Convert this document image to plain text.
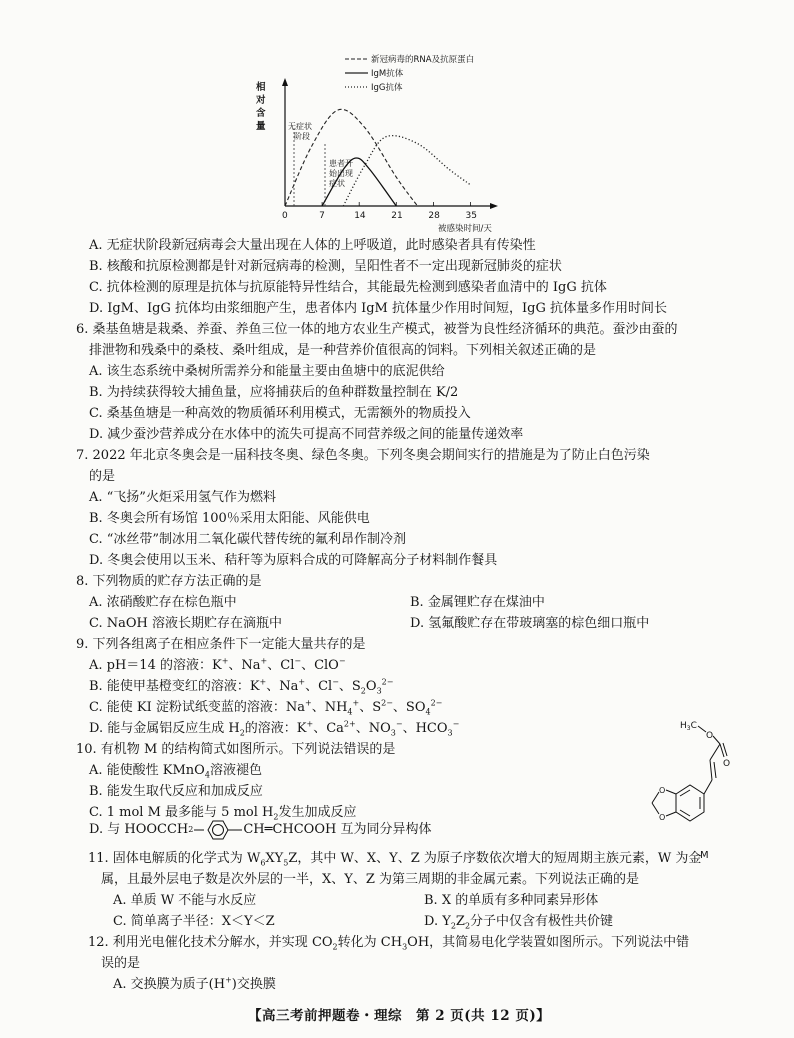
新冠病毒的RNA及抗原蛋白
IgM抗体
IgG抗体
相
对
含
量	无症状
阶段
患者开
始出现
症状
0	7	14	21	28	35
被感染时间/天
A. 无症状阶段新冠病毒会大量出现在人体的上呼吸道，此时感染者具有传染性
B. 核酸和抗原检测都是针对新冠病毒的检测，呈阳性者不一定出现新冠肺炎的症状
C. 抗体检测的原理是抗体与抗原能特异性结合，其能最先检测到感染者血清中的 IgG 抗体
D. IgM、IgG 抗体均由浆细胞产生，患者体内 IgM 抗体量少作用时间短，IgG 抗体量多作用时间长
6. 桑基鱼塘是栽桑、养蚕、养鱼三位一体的地方农业生产模式，被誉为良性经济循环的典范。蚕沙由蚕的
排泄物和残桑中的桑枝、桑叶组成，是一种营养价值很高的饲料。下列相关叙述正确的是
A. 该生态系统中桑树所需养分和能量主要由鱼塘中的底泥供给
B. 为持续获得较大捕鱼量，应将捕获后的鱼种群数量控制在 K/2
C. 桑基鱼塘是一种高效的物质循环利用模式，无需额外的物质投入
D. 减少蚕沙营养成分在水体中的流失可提高不同营养级之间的能量传递效率
7. 2022 年北京冬奥会是一届科技冬奥、绿色冬奥。下列冬奥会期间实行的措施是为了防止白色污染
的是
A. “飞扬”火炬采用氢气作为燃料
B. 冬奥会所有场馆 100％采用太阳能、风能供电
C. “冰丝带”制冰用二氧化碳代替传统的氟利昂作制冷剂
D. 冬奥会使用以玉米、秸秆等为原料合成的可降解高分子材料制作餐具
8. 下列物质的贮存方法正确的是
A. 浓硝酸贮存在棕色瓶中	B. 金属锂贮存在煤油中
C. NaOH 溶液长期贮存在滴瓶中	D. 氢氟酸贮存在带玻璃塞的棕色细口瓶中
9. 下列各组离子在相应条件下一定能大量共存的是
A. pH＝14 的溶液：K+、Na+、Cl−、ClO−
B. 能使甲基橙变红的溶液：K+、Na+、Cl−、$S_2O_3^{2-}$
C. 能使 KI 淀粉试纸变蓝的溶液：Na+、$NH_4^+$、$S^{2-}$、$SO_4^{2-}$
D. 能与金属铝反应生成 $H_2$的溶液：K+、$Ca^{2+}$、$NO_3^-$、$HCO_3^-$
10. 有机物 M 的结构简式如图所示。下列说法错误的是
A. 能使酸性 KMnO$_4$溶液褪色
B. 能发生取代反应和加成反应
C. 1 mol M 最多能与 5 mol $H_2$发生加成反应
D. 与 HOOCCH 2	CH═CHCOOH
互为同分异构体
$H_3C$
O
O
O
O
M
11. 固体电解质的化学式为 $W_6XY_5Z$，其中 W、X、Y、Z 为原子序数依次增大的短周期主族元素，W 为金
属，且最外层电子数是次外层的一半，X、Y、Z 为第三周期的非金属元素。下列说法正确的是
A. 单质 W 不能与水反应	B. X 的单质有多种同素异形体
C. 简单离子半径：X＜Y＜Z	D. $Y_2Z_2$分子中仅含有极性共价键
12. 利用光电催化技术分解水，并实现 $CO_2$转化为 $CH_3OH$，其简易电化学装置如图所示。下列说法中错
误的是
A. 交换膜为质子(H+)交换膜
【高三考前押题卷・理综　第 2 页(共 12 页)】
